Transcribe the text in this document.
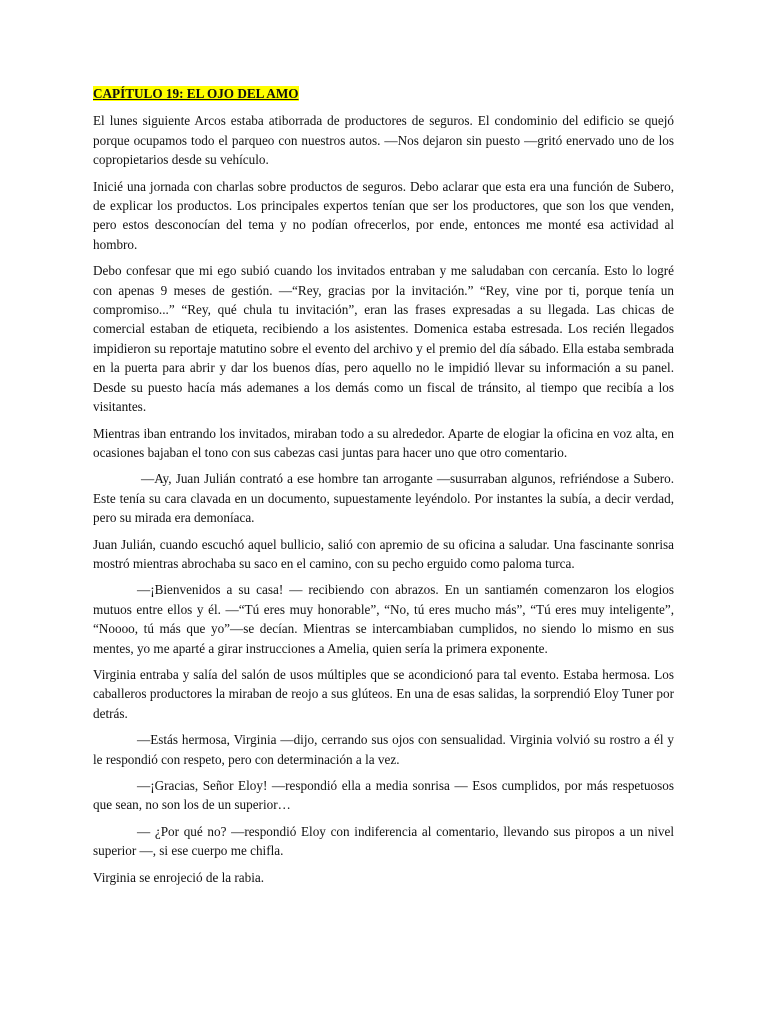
CAPÍTULO 19: EL OJO DEL AMO

El lunes siguiente Arcos estaba atiborrada de productores de seguros. El condominio del edificio se quejó porque ocupamos todo el parqueo con nuestros autos. —Nos dejaron sin puesto —gritó enervado uno de los copropietarios desde su vehículo.

Inicié una jornada con charlas sobre productos de seguros. Debo aclarar que esta era una función de Subero, de explicar los productos. Los principales expertos tenían que ser los productores, que son los que venden, pero estos desconocían del tema y no podían ofrecerlos, por ende, entonces me monté esa actividad al hombro.

Debo confesar que mi ego subió cuando los invitados entraban y me saludaban con cercanía. Esto lo logré con apenas 9 meses de gestión. —“Rey, gracias por la invitación.” “Rey, vine por ti, porque tenía un compromiso...” “Rey, qué chula tu invitación”, eran las frases expresadas a su llegada. Las chicas de comercial estaban de etiqueta, recibiendo a los asistentes. Domenica estaba estresada. Los recién llegados impidieron su reportaje matutino sobre el evento del archivo y el premio del día sábado. Ella estaba sembrada en la puerta para abrir y dar los buenos días, pero aquello no le impidió llevar su información a su panel. Desde su puesto hacía más ademanes a los demás como un fiscal de tránsito, al tiempo que recibía a los visitantes.

Mientras iban entrando los invitados, miraban todo a su alrededor. Aparte de elogiar la oficina en voz alta, en ocasiones bajaban el tono con sus cabezas casi juntas para hacer uno que otro comentario.

—Ay, Juan Julián contrató a ese hombre tan arrogante —susurraban algunos, refriéndose a Subero. Este tenía su cara clavada en un documento, supuestamente leyéndolo. Por instantes la subía, a decir verdad, pero su mirada era demoníaca.

Juan Julián, cuando escuchó aquel bullicio, salió con apremio de su oficina a saludar. Una fascinante sonrisa mostró mientras abrochaba su saco en el camino, con su pecho erguido como paloma turca.

—¡Bienvenidos a su casa! — recibiendo con abrazos. En un santiamén comenzaron los elogios mutuos entre ellos y él. —“Tú eres muy honorable”, “No, tú eres mucho más”, “Tú eres muy inteligente”, “Noooo, tú más que yo”—se decían. Mientras se intercambiaban cumplidos, no siendo lo mismo en sus mentes, yo me aparté a girar instrucciones a Amelia, quien sería la primera exponente.

Virginia entraba y salía del salón de usos múltiples que se acondicionó para tal evento. Estaba hermosa. Los caballeros productores la miraban de reojo a sus glúteos. En una de esas salidas, la sorprendió Eloy Tuner por detrás.

—Estás hermosa, Virginia —dijo, cerrando sus ojos con sensualidad. Virginia volvió su rostro a él y le respondió con respeto, pero con determinación a la vez.

—¡Gracias, Señor Eloy! —respondió ella a media sonrisa — Esos cumplidos, por más respetuosos que sean, no son los de un superior…

— ¿Por qué no? —respondió Eloy con indiferencia al comentario, llevando sus piropos a un nivel superior —, si ese cuerpo me chifla.

Virginia se enrojeció de la rabia.
